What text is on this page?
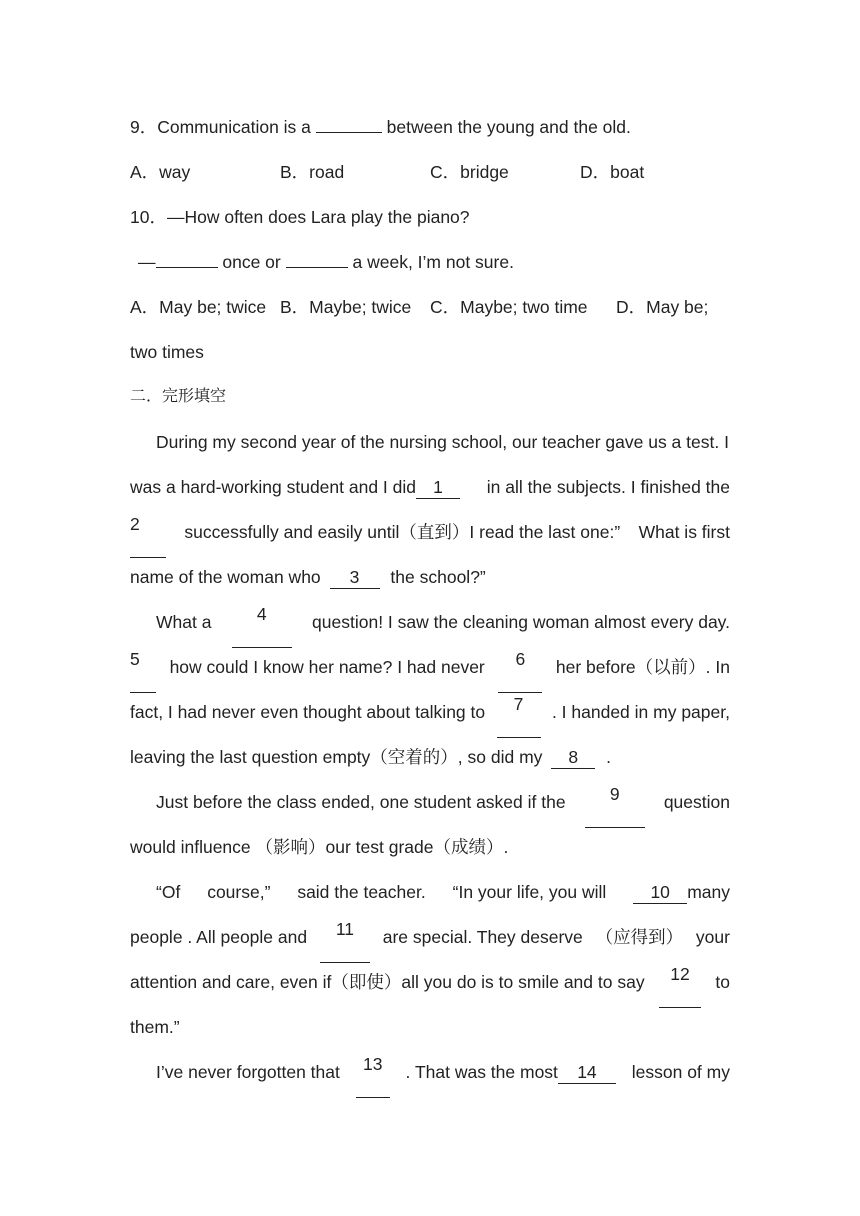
9．Communication is a	between the young and the old.
A．way	B．road	C．bridge	D．boat
10．—How often does Lara play the piano?
—	once or	a week, I’m not sure.
A．May be; twice B．Maybe; twice C．Maybe; two time D．May be;
two times
二．完形填空
During my second year of the nursing school, our teacher gave us a test. I
was a hard-working student and I did 1	in all the subjects. I finished the
2	successfully and easily until（直到）I read the last one:” What is first
name of the woman who 3 the school?”
What a	4	question! I saw the cleaning woman almost every day.
5	how could I know her name? I had never	6	her before（以前）. In
fact, I had never even thought about talking to	7	. I handed in my paper,
leaving the last question empty（空着的）, so did my 8 .
Just before the class ended, one student asked if the	9	question
would influence （影响）our test grade（成绩）.
“Of course,” said the teacher. “In your life, you will	10 many
people . All people and	11	are special. They deserve （应得到） your
attention and care, even if（即使）all you do is to smile and to say	12	to
them.”
I’ve never forgotten that	13	. That was the most 14	lesson of my
